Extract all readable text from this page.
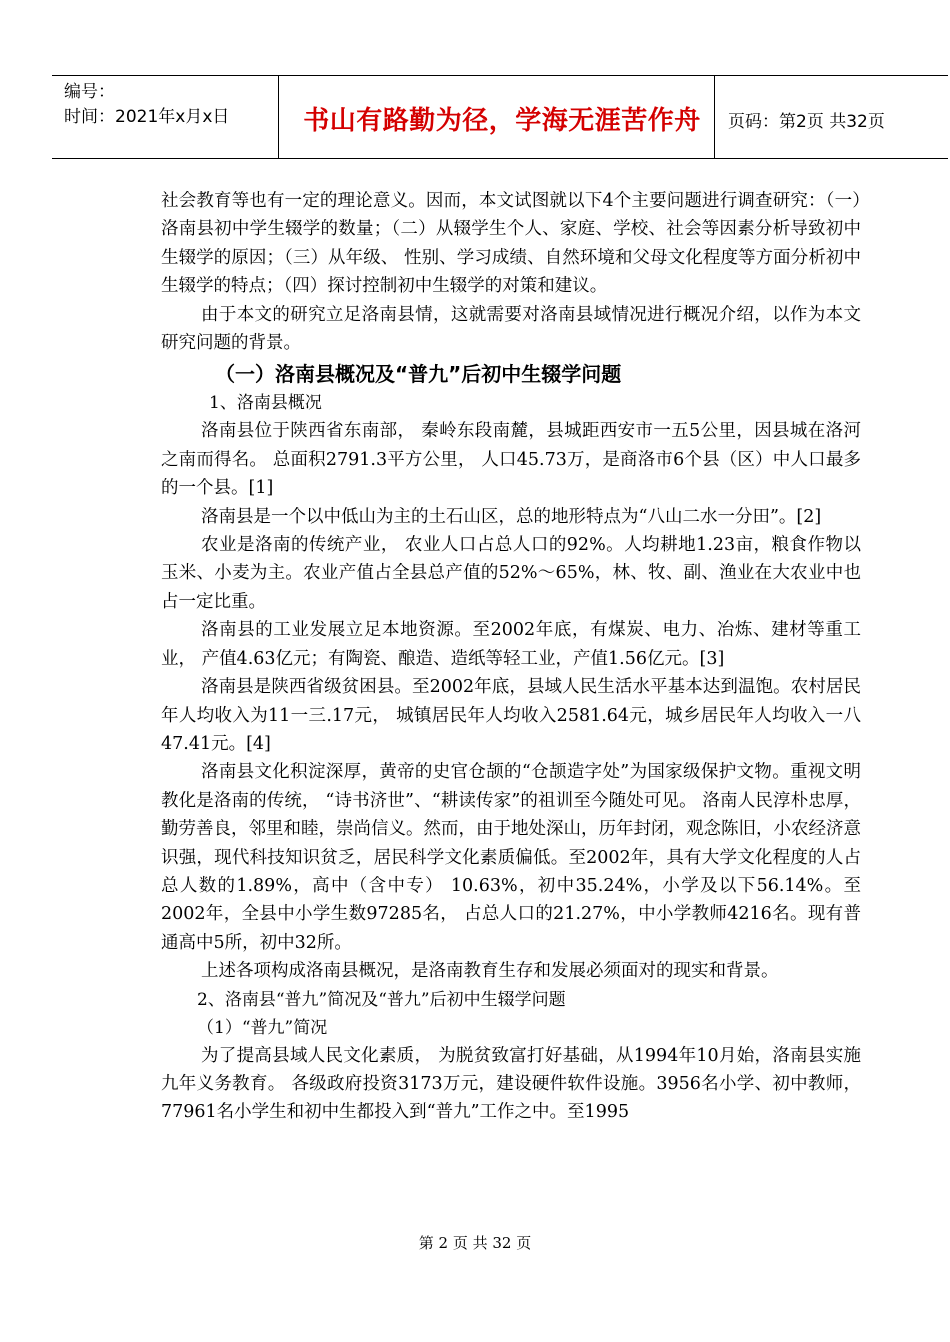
编号：
时间：2021年x月x日	书山有路勤为径，学海无涯苦作舟	页码：第2页 共32页

社会教育等也有一定的理论意义。因而，本文试图就以下4个主要问题进行调查研究：（一）洛南县初中学生辍学的数量；（二）从辍学生个人、家庭、学校、社会等因素分析导致初中生辍学的原因；（三）从年级、 性别、学习成绩、自然环境和父母文化程度等方面分析初中生辍学的特点；（四）探讨控制初中生辍学的对策和建议。

由于本文的研究立足洛南县情，这就需要对洛南县域情况进行概况介绍，以作为本文研究问题的背景。

（一）洛南县概况及“普九”后初中生辍学问题
1、洛南县概况

洛南县位于陕西省东南部， 秦岭东段南麓，县城距西安市一五5公里，因县城在洛河之南而得名。 总面积2791.3平方公里， 人口45.73万，是商洛市6个县（区）中人口最多的一个县。[1]

洛南县是一个以中低山为主的土石山区，总的地形特点为“八山二水一分田”。[2]

农业是洛南的传统产业， 农业人口占总人口的92%。人均耕地1.23亩，粮食作物以玉米、小麦为主。农业产值占全县总产值的52%～65%，林、牧、副、渔业在大农业中也占一定比重。

洛南县的工业发展立足本地资源。至2002年底，有煤炭、电力、冶炼、建材等重工业， 产值4.63亿元；有陶瓷、酿造、造纸等轻工业，产值1.56亿元。[3]

洛南县是陕西省级贫困县。至2002年底，县域人民生活水平基本达到温饱。农村居民年人均收入为11一三.17元， 城镇居民年人均收入2581.64元，城乡居民年人均收入一八47.41元。[4]

洛南县文化积淀深厚，黄帝的史官仓颉的“仓颉造字处”为国家级保护文物。重视文明教化是洛南的传统， “诗书济世”、“耕读传家”的祖训至今随处可见。 洛南人民淳朴忠厚，勤劳善良，邻里和睦，崇尚信义。然而，由于地处深山，历年封闭，观念陈旧，小农经济意识强，现代科技知识贫乏，居民科学文化素质偏低。至2002年，具有大学文化程度的人占总人数的1.89%，高中（含中专） 10.63%，初中35.24%，小学及以下56.14%。至2002年，全县中小学生数97285名， 占总人口的21.27%，中小学教师4216名。现有普通高中5所，初中32所。

上述各项构成洛南县概况，是洛南教育生存和发展必须面对的现实和背景。

2、洛南县“普九”简况及“普九”后初中生辍学问题
（1）“普九”简况

为了提高县域人民文化素质， 为脱贫致富打好基础，从1994年10月始，洛南县实施九年义务教育。 各级政府投资3173万元，建设硬件软件设施。3956名小学、初中教师，77961名小学生和初中生都投入到“普九”工作之中。至1995

第 2 页 共 32 页
